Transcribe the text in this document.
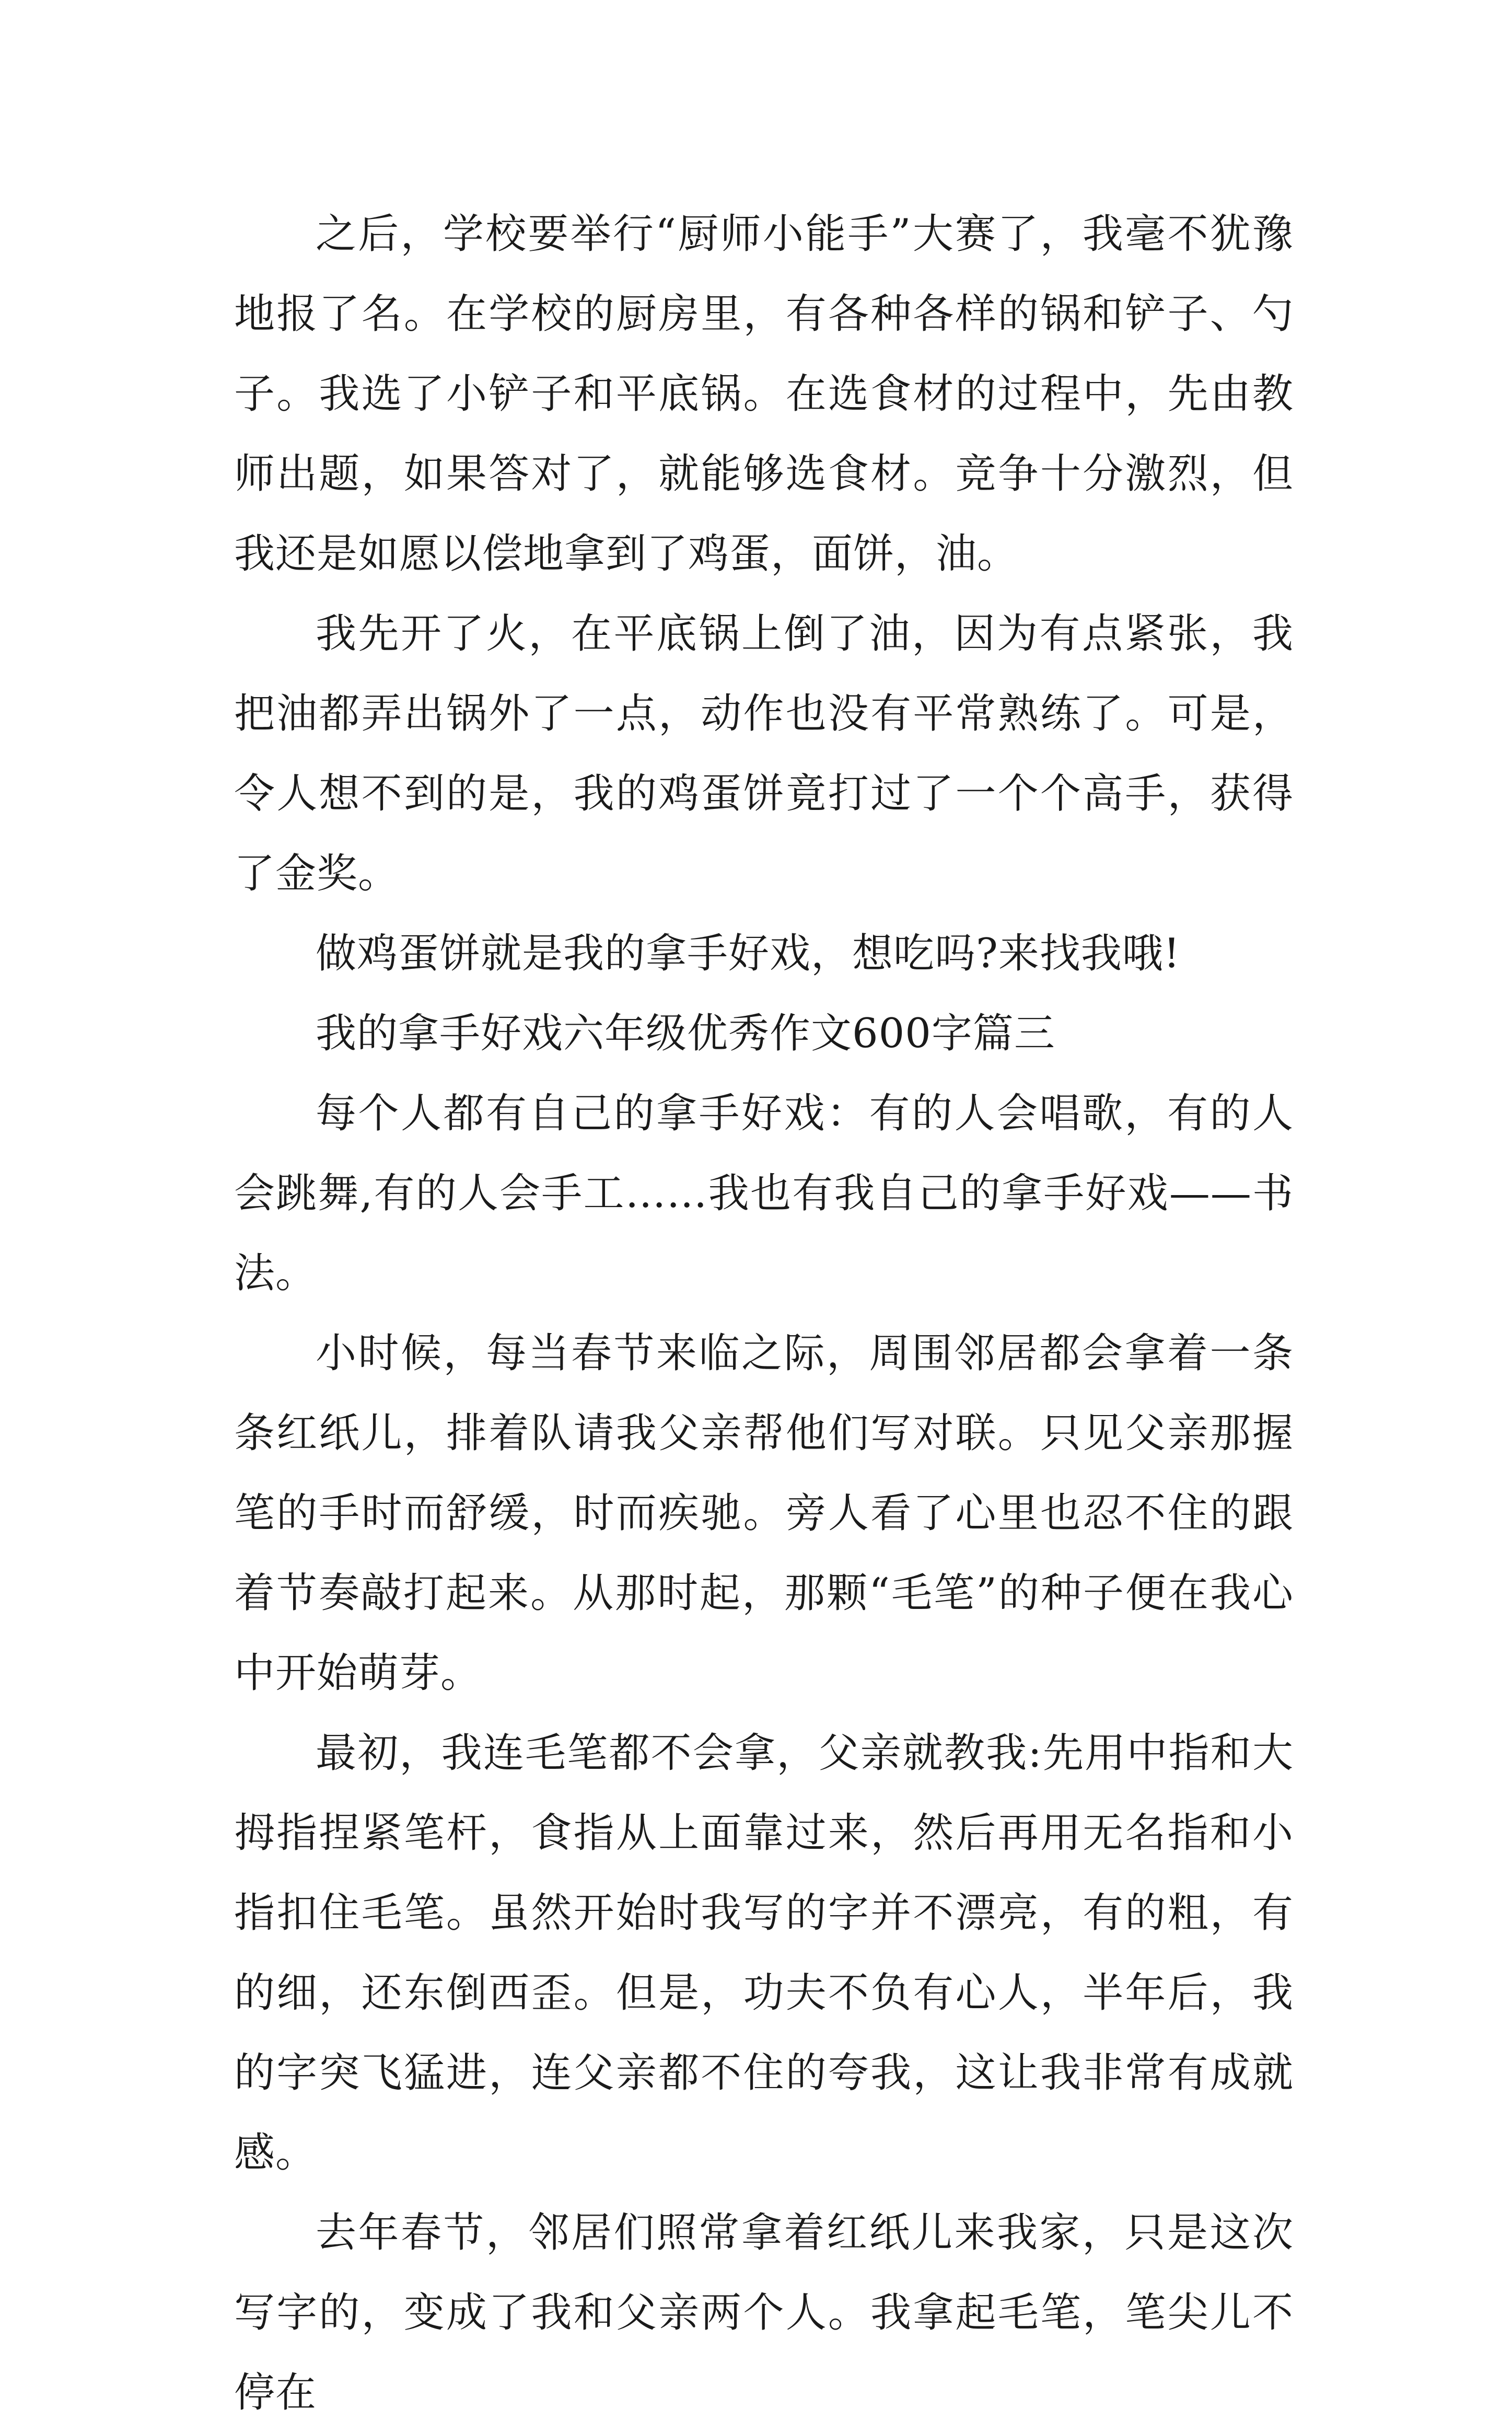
之后，学校要举行“厨师小能手”大赛了，我毫不犹豫地报了名。在学校的厨房里，有各种各样的锅和铲子、勺子。我选了小铲子和平底锅。在选食材的过程中，先由教师出题，如果答对了，就能够选食材。竞争十分激烈，但我还是如愿以偿地拿到了鸡蛋，面饼，油。

我先开了火，在平底锅上倒了油，因为有点紧张，我把油都弄出锅外了一点，动作也没有平常熟练了。可是，令人想不到的是，我的鸡蛋饼竟打过了一个个高手，获得了金奖。

做鸡蛋饼就是我的拿手好戏，想吃吗?来找我哦!

我的拿手好戏六年级优秀作文600字篇三

每个人都有自己的拿手好戏：有的人会唱歌，有的人会跳舞,有的人会手工……我也有我自己的拿手好戏——书法。

小时候，每当春节来临之际，周围邻居都会拿着一条条红纸儿，排着队请我父亲帮他们写对联。只见父亲那握笔的手时而舒缓，时而疾驰。旁人看了心里也忍不住的跟着节奏敲打起来。从那时起，那颗“毛笔”的种子便在我心中开始萌芽。

最初，我连毛笔都不会拿，父亲就教我:先用中指和大拇指捏紧笔杆，食指从上面靠过来，然后再用无名指和小指扣住毛笔。虽然开始时我写的字并不漂亮，有的粗，有的细，还东倒西歪。但是，功夫不负有心人，半年后，我的字突飞猛进，连父亲都不住的夸我，这让我非常有成就感。

去年春节，邻居们照常拿着红纸儿来我家，只是这次写字的，变成了我和父亲两个人。我拿起毛笔，笔尖儿不停在
